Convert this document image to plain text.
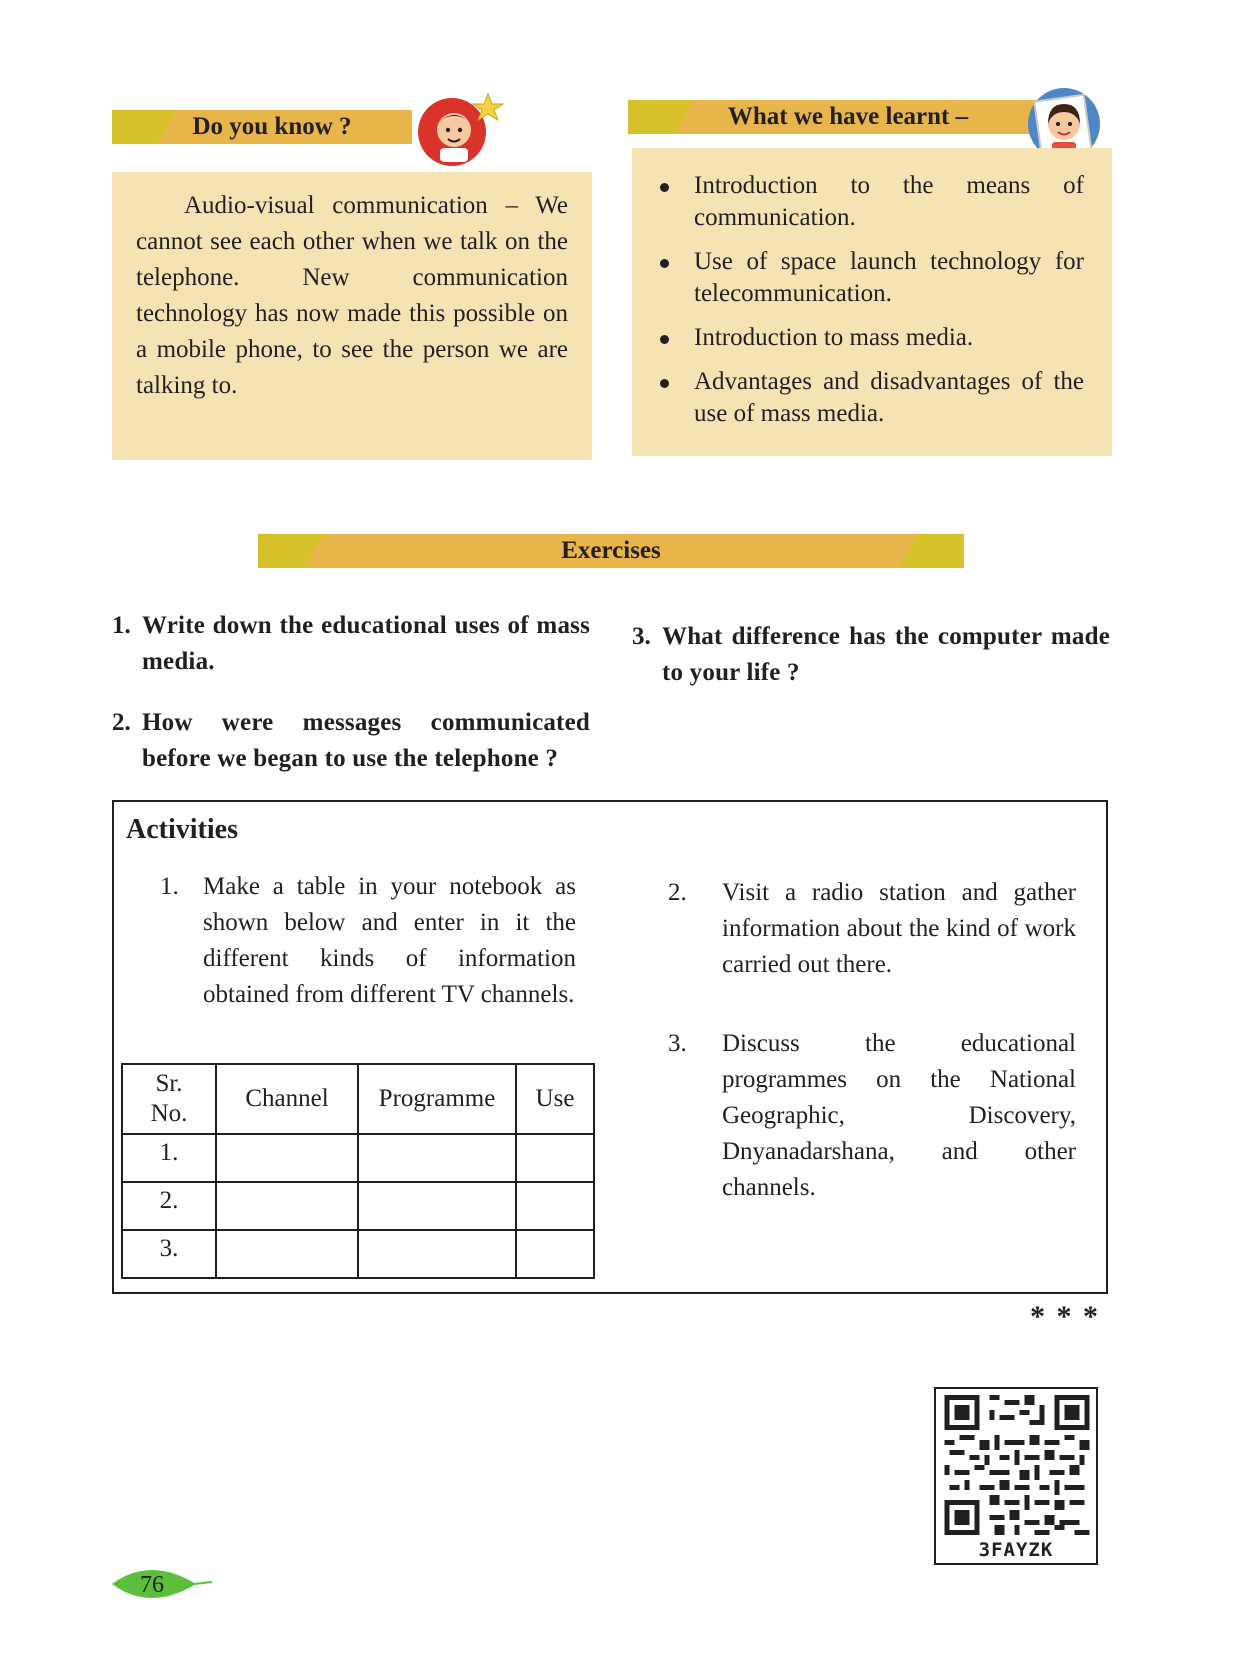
Do you know ?
Audio-visual communication – We cannot see each other when we talk on the telephone. New communication technology has now made this possible on a mobile phone, to see the person we are talking to.
What we have learnt –
Introduction to the means of communication.
Use of space launch technology for telecommunication.
Introduction to mass media.
Advantages and disadvantages of the use of mass media.
Exercises
1. Write down the educational uses of mass media.
2. How were messages communicated before we began to use the telephone ?
3. What difference has the computer made to your life ?
Activities
1. Make a table in your notebook as shown below and enter in it the different kinds of information obtained from different TV channels.
2.	Visit a radio station and gather information about the kind of work carried out there.
3.	Discuss the educational programmes on the National Geographic, Discovery, Dnyanadarshana, and other channels.
Sr.
No.	Channel	Programme	Use
1.			
2.			
3.			
* * *
3FAYZK
76
